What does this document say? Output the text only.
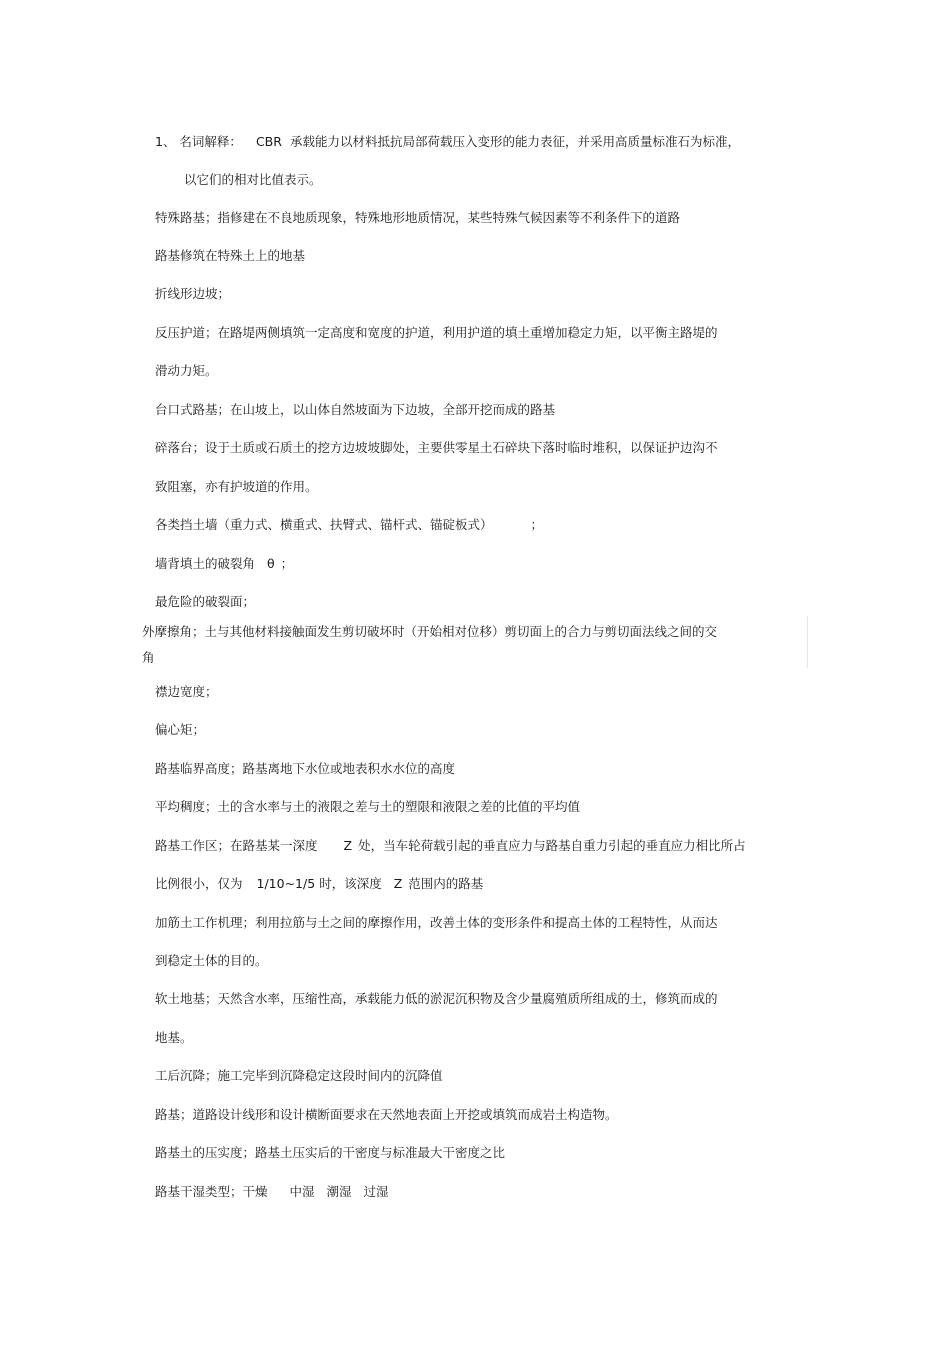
1、 名词解释： CBR 承载能力以材料抵抗局部荷载压入变形的能力表征，并采用高质量标准石为标准，
以它们的相对比值表示。
特殊路基；指修建在不良地质现象，特殊地形地质情况，某些特殊气候因素等不利条件下的道路
路基修筑在特殊土上的地基
折线形边坡；
反压护道；在路堤两侧填筑一定高度和宽度的护道，利用护道的填土重增加稳定力矩，以平衡主路堤的
滑动力矩。
台口式路基；在山坡上，以山体自然坡面为下边坡，全部开挖而成的路基
碎落台；设于土质或石质土的挖方边坡坡脚处，主要供零星土石碎块下落时临时堆积，以保证护边沟不
致阻塞，亦有护坡道的作用。
各类挡土墙（重力式、横重式、扶臂式、锚杆式、锚碇板式）	；
墙背填土的破裂角 θ ；
最危险的破裂面；
外摩擦角；土与其他材料接触面发生剪切破坏时（开始相对位移）剪切面上的合力与剪切面法线之间的交
角
襟边宽度；
偏心矩；
路基临界高度；路基离地下水位或地表积水水位的高度
平均稠度；土的含水率与土的液限之差与土的塑限和液限之差的比值的平均值
路基工作区；在路基某一深度 Z 处，当车轮荷载引起的垂直应力与路基自重力引起的垂直应力相比所占
比例很小，仅为 1/10~1/5 时，该深度 Z 范围内的路基
加筋土工作机理；利用拉筋与土之间的摩擦作用，改善土体的变形条件和提高土体的工程特性，从而达
到稳定土体的目的。
软土地基；天然含水率，压缩性高，承载能力低的淤泥沉积物及含少量腐殖质所组成的土，修筑而成的
地基。
工后沉降；施工完毕到沉降稳定这段时间内的沉降值
路基；道路设计线形和设计横断面要求在天然地表面上开挖或填筑而成岩土构造物。
路基土的压实度；路基土压实后的干密度与标准最大干密度之比
路基干湿类型；干燥 中湿 潮湿 过湿
